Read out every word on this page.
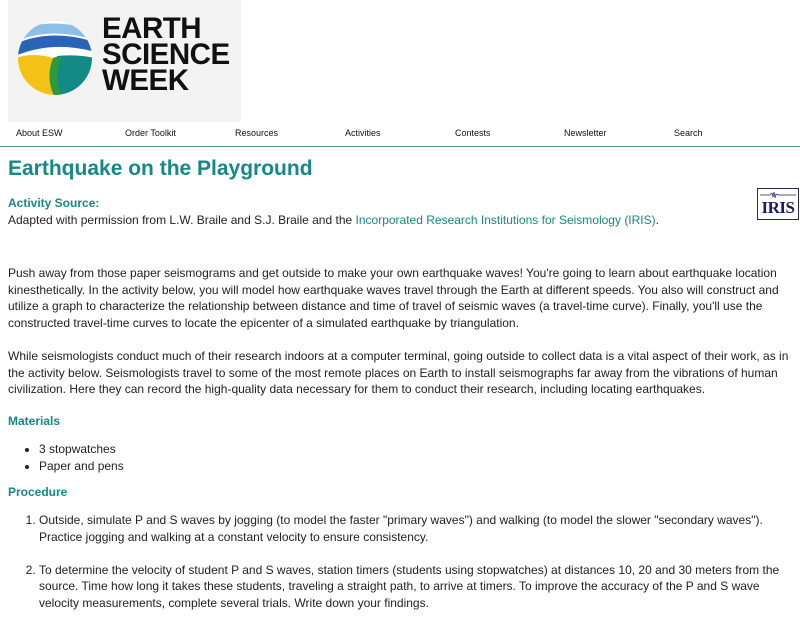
EARTH
SCIENCE
WEEK
About ESW	Order Toolkit	Resources	Activities	Contests	Newsletter	Search
Earthquake on the Playground
Activity Source:
Adapted with permission from L.W. Braile and S.J. Braile and the Incorporated Research Institutions for Seismology (IRIS).
IRIS

Push away from those paper seismograms and get outside to make your own earthquake waves! You're going to learn about earthquake location kinesthetically. In the activity below, you will model how earthquake waves travel through the Earth at different speeds. You also will construct and utilize a graph to characterize the relationship between distance and time of travel of seismic waves (a travel-time curve). Finally, you'll use the constructed travel-time curves to locate the epicenter of a simulated earthquake by triangulation.

While seismologists conduct much of their research indoors at a computer terminal, going outside to collect data is a vital aspect of their work, as in the activity below. Seismologists travel to some of the most remote places on Earth to install seismographs far away from the vibrations of human civilization. Here they can record the high-quality data necessary for them to conduct their research, including locating earthquakes.

Materials
• 3 stopwatches
• Paper and pens
Procedure
1. Outside, simulate P and S waves by jogging (to model the faster "primary waves") and walking (to model the slower "secondary waves"). Practice jogging and walking at a constant velocity to ensure consistency.
2. To determine the velocity of student P and S waves, station timers (students using stopwatches) at distances 10, 20 and 30 meters from the source. Time how long it takes these students, traveling a straight path, to arrive at timers. To improve the accuracy of the P and S wave velocity measurements, complete several trials. Write down your findings.
